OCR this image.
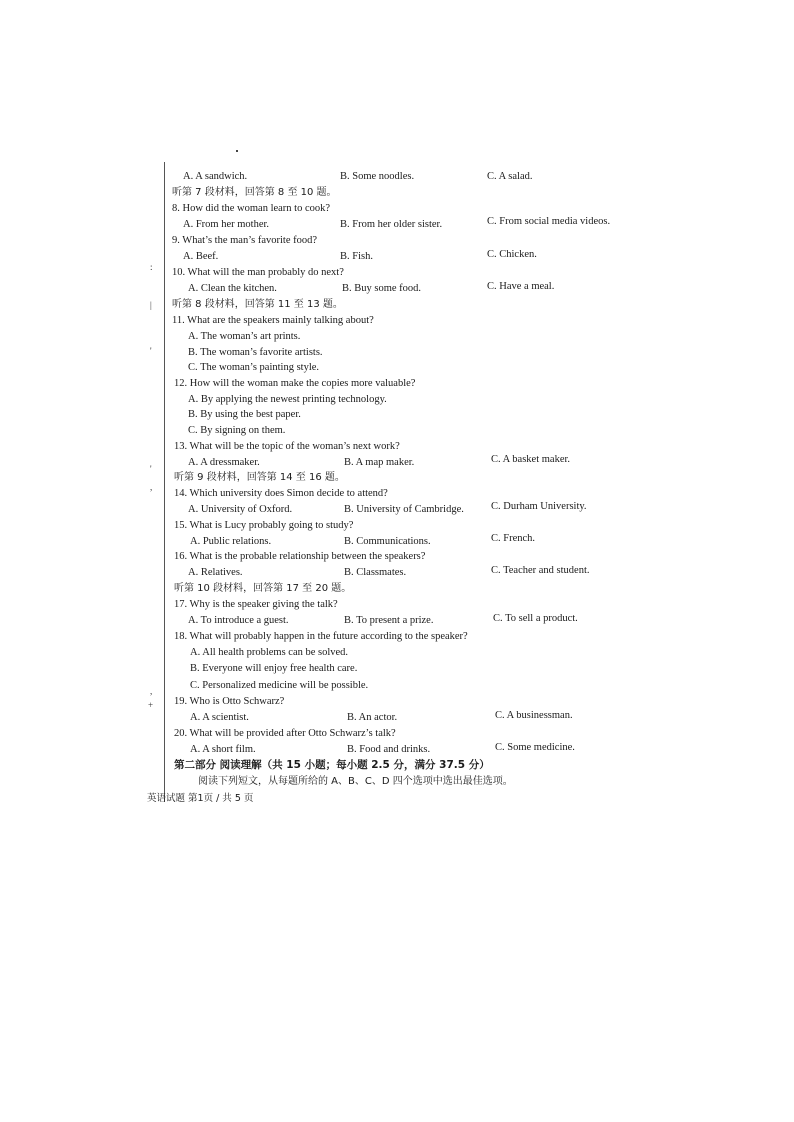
:
|
'
'
,
,
+
A. A sandwich.	B. Some noodles.	C. A salad.
听第 7 段材料，回答第 8 至 10 题。
8. How did the woman learn to cook?
A. From her mother.	B. From her older sister.	C. From social media videos.
9. What’s the man’s favorite food?
A. Beef.	B. Fish.	C. Chicken.
10. What will the man probably do next?
A. Clean the kitchen.	B. Buy some food.	C. Have a meal.
听第 8 段材料，回答第 11 至 13 题。
11. What are the speakers mainly talking about?
A. The woman’s art prints.
B. The woman’s favorite artists.
C. The woman’s painting style.
12. How will the woman make the copies more valuable?
A. By applying the newest printing technology.
B. By using the best paper.
C. By signing on them.
13. What will be the topic of the woman’s next work?
A. A dressmaker.	B. A map maker.	C. A basket maker.
听第 9 段材料，回答第 14 至 16 题。
14. Which university does Simon decide to attend?
A. University of Oxford.	B. University of Cambridge.	C. Durham University.
15. What is Lucy probably going to study?
A. Public relations.	B. Communications.	C. French.
16. What is the probable relationship between the speakers?
A. Relatives.	B. Classmates.	C. Teacher and student.
听第 10 段材料，回答第 17 至 20 题。
17. Why is the speaker giving the talk?
A. To introduce a guest.	B. To present a prize.	C. To sell a product.
18. What will probably happen in the future according to the speaker?
A. All health problems can be solved.
B. Everyone will enjoy free health care.
C. Personalized medicine will be possible.
19. Who is Otto Schwarz?
A. A scientist.	B. An actor.	C. A businessman.
20. What will be provided after Otto Schwarz’s talk?
A. A short film.	B. Food and drinks.	C. Some medicine.
第二部分 阅读理解（共 15 小题；每小题 2.5 分，满分 37.5 分）
阅读下列短文，从每题所给的 A、B、C、D 四个选项中选出最佳选项。
英语试题 第1页 / 共 5 页
